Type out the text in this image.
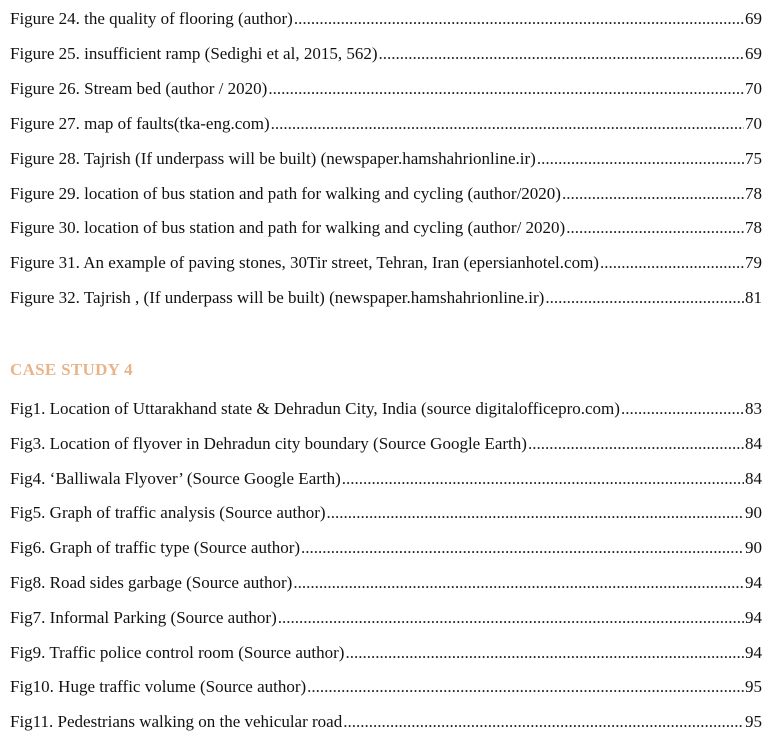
Figure 24. the quality of flooring (author) .....	69
Figure 25. insufficient ramp (Sedighi et al, 2015, 562) .....	69
Figure 26. Stream bed (author / 2020) .....	70
Figure 27. map of faults(tka-eng.com) .....	70
Figure 28. Tajrish (If underpass will be built) (newspaper.hamshahrionline.ir) .....	75
Figure 29. location of bus station and path for walking and cycling (author/2020) .....	78
Figure 30. location of bus station and path for walking and cycling (author/ 2020) .....	78
Figure 31. An example of paving stones, 30Tir street, Tehran, Iran (epersianhotel.com) .....	79
Figure 32. Tajrish , (If underpass will be built) (newspaper.hamshahrionline.ir) .....	81
CASE STUDY 4
Fig1. Location of Uttarakhand state & Dehradun City, India (source digitalofficepro.com) .....	83
Fig3. Location of flyover in Dehradun city boundary (Source Google Earth) .....	84
Fig4. ‘Balliwala Flyover’ (Source Google Earth) .....	84
Fig5. Graph of traffic analysis (Source author) .....	90
Fig6. Graph of traffic type (Source author) .....	90
Fig8. Road sides garbage (Source author) .....	94
Fig7. Informal Parking (Source author) .....	94
Fig9. Traffic police control room (Source author) .....	94
Fig10. Huge traffic volume (Source author) .....	95
Fig11. Pedestrians walking on the vehicular road .....	95
